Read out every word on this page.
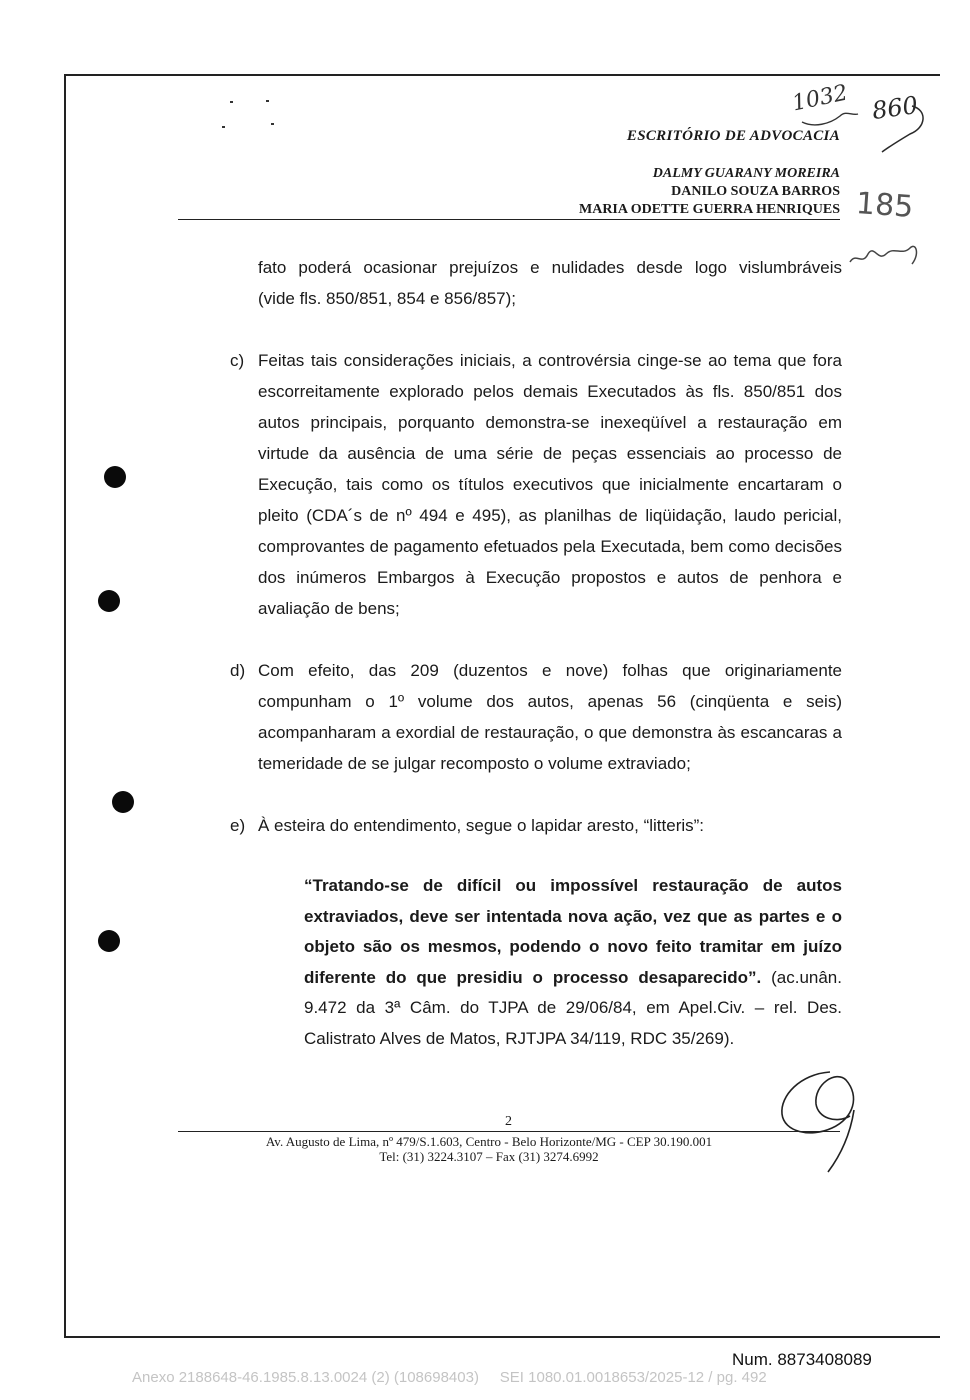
ESCRITÓRIO DE ADVOCACIA
DALMY GUARANY MOREIRA
DANILO SOUZA BARROS
MARIA ODETTE GUERRA HENRIQUES
1032 860
185
fato poderá ocasionar prejuízos e nulidades desde logo vislumbráveis
(vide fls. 850/851, 854 e 856/857);
c) Feitas tais considerações iniciais, a controvérsia cinge-se ao tema que fora escorreitamente explorado pelos demais Executados às fls. 850/851 dos autos principais, porquanto demonstra-se inexeqüível a restauração em virtude da ausência de uma série de peças essenciais ao processo de Execução, tais como os títulos executivos que inicialmente encartaram o pleito (CDA´s de nº 494 e 495), as planilhas de liqüidação, laudo pericial, comprovantes de pagamento efetuados pela Executada, bem como decisões dos inúmeros Embargos à Execução propostos e autos de penhora e avaliação de bens;
d) Com efeito, das 209 (duzentos e nove) folhas que originariamente compunham o 1º volume dos autos, apenas 56 (cinqüenta e seis) acompanharam a exordial de restauração, o que demonstra às escancaras a temeridade de se julgar recomposto o volume extraviado;
e) À esteira do entendimento, segue o lapidar aresto, “litteris”:
“Tratando-se de difícil ou impossível restauração de autos extraviados, deve ser intentada nova ação, vez que as partes e o objeto são os mesmos, podendo o novo feito tramitar em juízo diferente do que presidiu o processo desaparecido”. (ac.unân. 9.472 da 3ª Câm. do TJPA de 29/06/84, em Apel.Civ. – rel. Des. Calistrato Alves de Matos, RJTJPA 34/119, RDC 35/269).
2
Av. Augusto de Lima, nº 479/S.1.603, Centro - Belo Horizonte/MG - CEP 30.190.001
Tel: (31) 3224.3107 – Fax (31) 3274.6992
Num. 8873408089
Anexo 2188648-46.1985.8.13.0024 (2) (108698403)     SEI 1080.01.0018653/2025-12 / pg. 492
